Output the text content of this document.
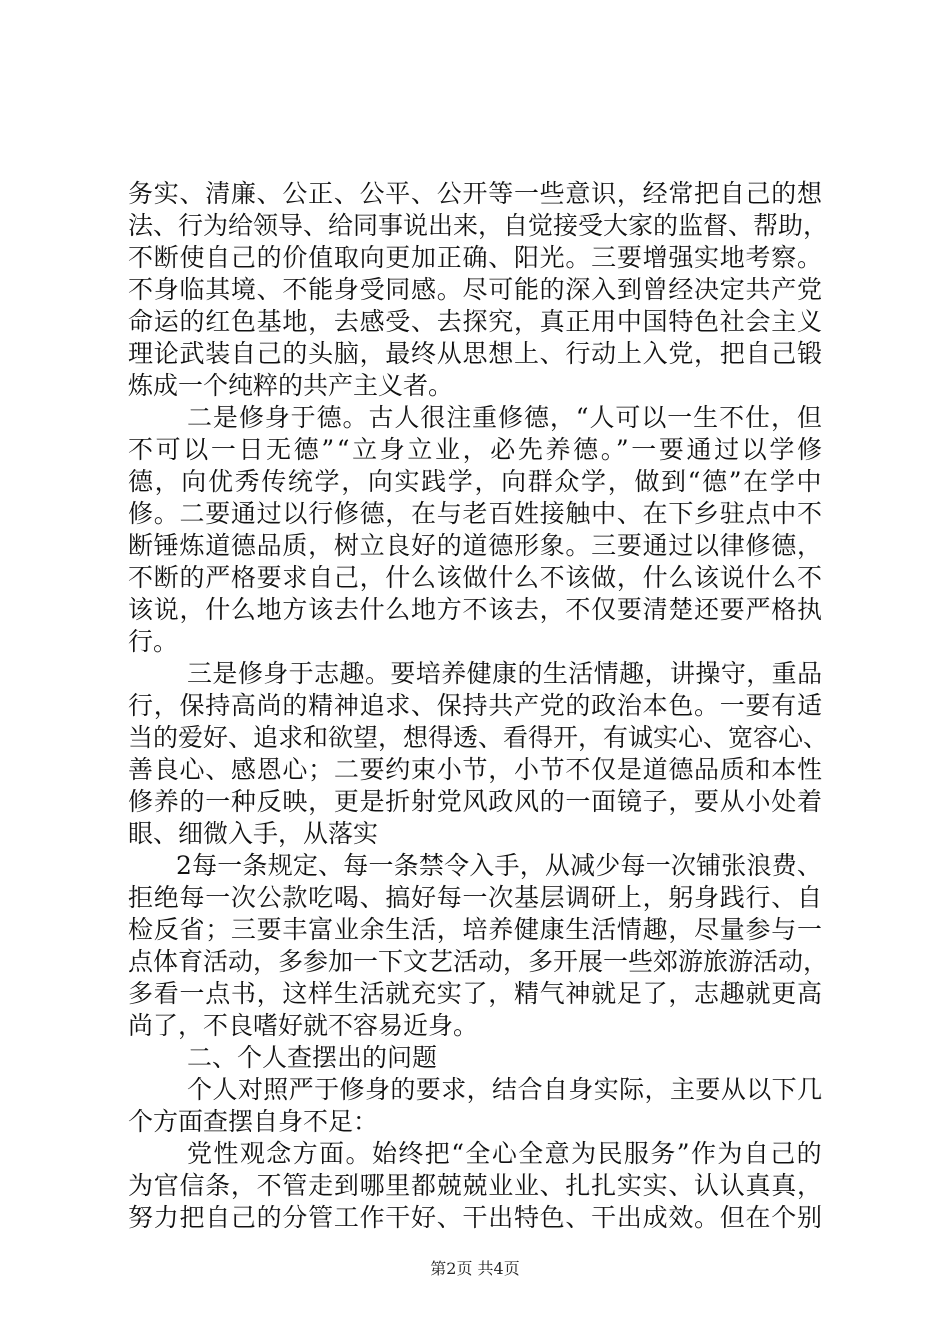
务实、清廉、公正、公平、公开等一些意识，经常把自己的想
法、行为给领导、给同事说出来，自觉接受大家的监督、帮助，
不断使自己的价值取向更加正确、阳光。三要增强实地考察。
不身临其境、不能身受同感。尽可能的深入到曾经决定共产党
命运的红色基地，去感受、去探究，真正用中国特色社会主义
理论武装自己的头脑，最终从思想上、行动上入党，把自己锻
炼成一个纯粹的共产主义者。
二是修身于德。古人很注重修德，“人可以一生不仕，但
不可以一日无德”“立身立业，必先养德。”一要通过以学修
德，向优秀传统学，向实践学，向群众学，做到“德”在学中
修。二要通过以行修德，在与老百姓接触中、在下乡驻点中不
断锤炼道德品质，树立良好的道德形象。三要通过以律修德，
不断的严格要求自己，什么该做什么不该做，什么该说什么不
该说，什么地方该去什么地方不该去，不仅要清楚还要严格执
行。
三是修身于志趣。要培养健康的生活情趣，讲操守，重品
行，保持高尚的精神追求、保持共产党的政治本色。一要有适
当的爱好、追求和欲望，想得透、看得开，有诚实心、宽容心、
善良心、感恩心；二要约束小节，小节不仅是道德品质和本性
修养的一种反映，更是折射党风政风的一面镜子，要从小处着
眼、细微入手，从落实
2每一条规定、每一条禁令入手，从减少每一次铺张浪费、
拒绝每一次公款吃喝、搞好每一次基层调研上，躬身践行、自
检反省；三要丰富业余生活，培养健康生活情趣，尽量参与一
点体育活动，多参加一下文艺活动，多开展一些郊游旅游活动，
多看一点书，这样生活就充实了，精气神就足了，志趣就更高
尚了，不良嗜好就不容易近身。
二、个人查摆出的问题
个人对照严于修身的要求，结合自身实际，主要从以下几
个方面查摆自身不足：
党性观念方面。始终把“全心全意为民服务”作为自己的
为官信条，不管走到哪里都兢兢业业、扎扎实实、认认真真，
努力把自己的分管工作干好、干出特色、干出成效。但在个别
第2页 共4页
